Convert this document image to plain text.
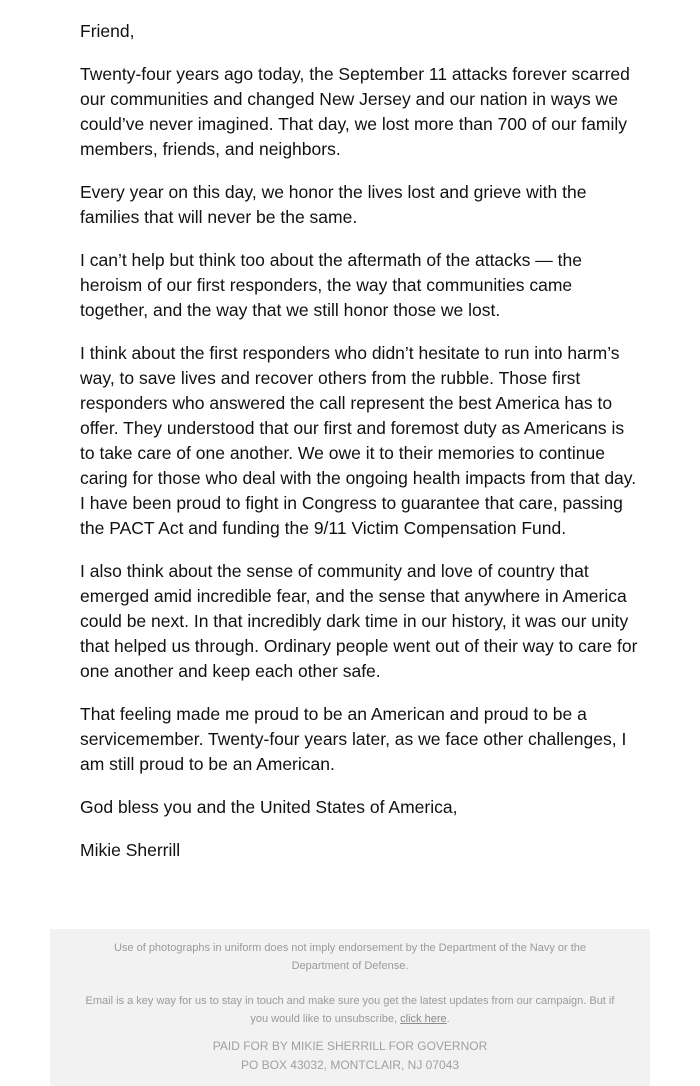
Friend,

Twenty-four years ago today, the September 11 attacks forever scarred our communities and changed New Jersey and our nation in ways we could’ve never imagined. That day, we lost more than 700 of our family members, friends, and neighbors.

Every year on this day, we honor the lives lost and grieve with the families that will never be the same.

I can’t help but think too about the aftermath of the attacks — the heroism of our first responders, the way that communities came together, and the way that we still honor those we lost.

I think about the first responders who didn’t hesitate to run into harm’s way, to save lives and recover others from the rubble. Those first responders who answered the call represent the best America has to offer. They understood that our first and foremost duty as Americans is to take care of one another. We owe it to their memories to continue caring for those who deal with the ongoing health impacts from that day. I have been proud to fight in Congress to guarantee that care, passing the PACT Act and funding the 9/11 Victim Compensation Fund.

I also think about the sense of community and love of country that emerged amid incredible fear, and the sense that anywhere in America could be next. In that incredibly dark time in our history, it was our unity that helped us through. Ordinary people went out of their way to care for one another and keep each other safe.

That feeling made me proud to be an American and proud to be a servicemember. Twenty-four years later, as we face other challenges, I am still proud to be an American.

God bless you and the United States of America,

Mikie Sherrill

Use of photographs in uniform does not imply endorsement by the Department of the Navy or the Department of Defense.

Email is a key way for us to stay in touch and make sure you get the latest updates from our campaign. But if you would like to unsubscribe, click here.

PAID FOR BY MIKIE SHERRILL FOR GOVERNOR
PO BOX 43032, MONTCLAIR, NJ 07043
